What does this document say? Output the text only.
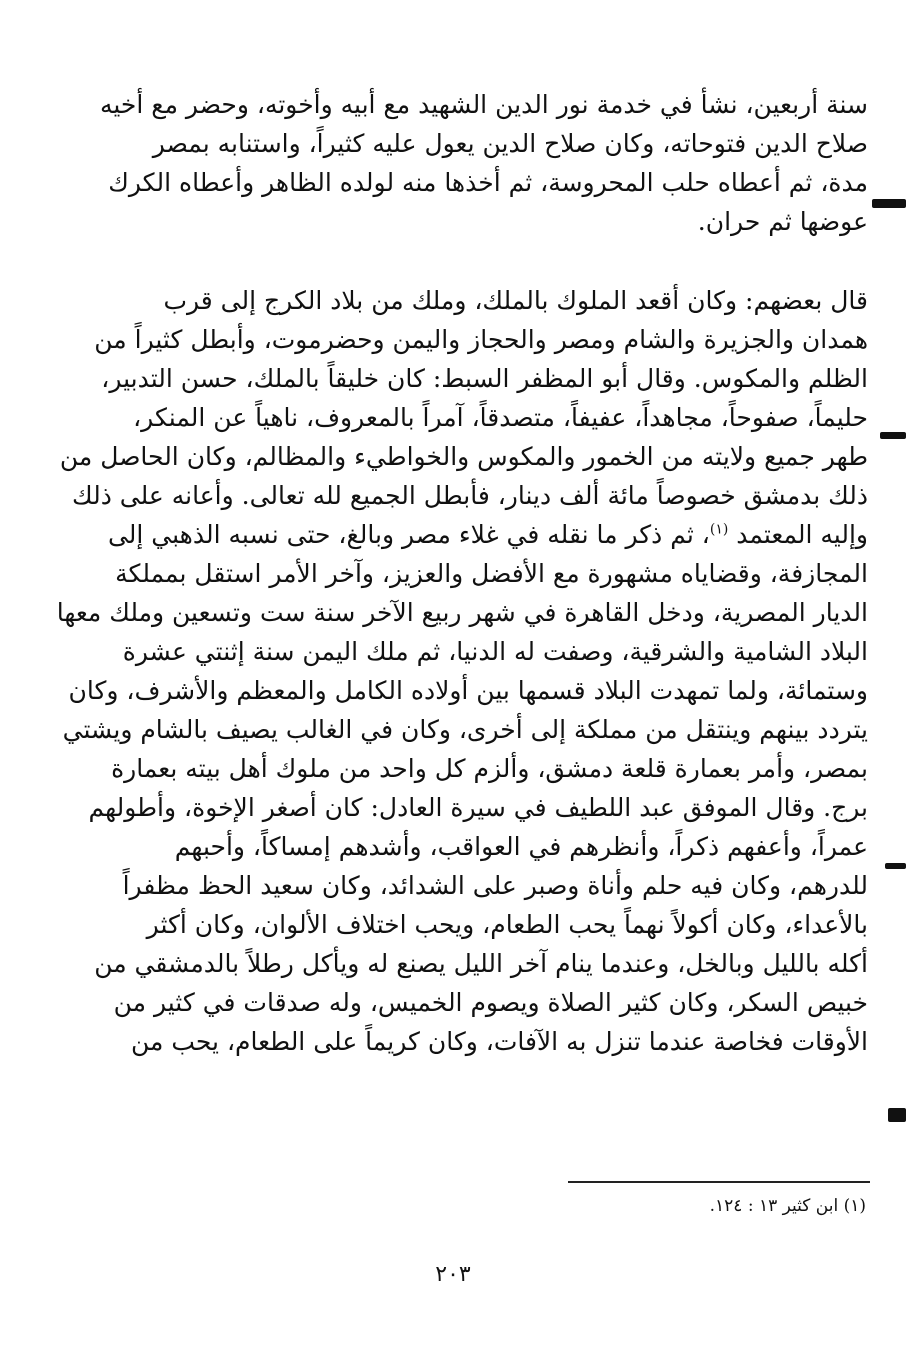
سنة أربعين، نشأ في خدمة نور الدين الشهيد مع أبيه وأخوته، وحضر مع أخيه
صلاح الدين فتوحاته، وكان صلاح الدين يعول عليه كثيراً، واستنابه بمصر
مدة، ثم أعطاه حلب المحروسة، ثم أخذها منه لولده الظاهر وأعطاه الكرك
عوضها ثم حران.

قال بعضهم: وكان أقعد الملوك بالملك، وملك من بلاد الكرج إلى قرب
همدان والجزيرة والشام ومصر والحجاز واليمن وحضرموت، وأبطل كثيراً من
الظلم والمكوس. وقال أبو المظفر السبط: كان خليقاً بالملك، حسن التدبير،
حليماً، صفوحاً، مجاهداً، عفيفاً، متصدقاً، آمراً بالمعروف، ناهياً عن المنكر،
طهر جميع ولايته من الخمور والمكوس والخواطيء والمظالم، وكان الحاصل من
ذلك بدمشق خصوصاً مائة ألف دينار، فأبطل الجميع لله تعالى. وأعانه على ذلك
وإليه المعتمد $^{(١)}$، ثم ذكر ما نقله في غلاء مصر وبالغ، حتى نسبه الذهبي إلى
المجازفة، وقضاياه مشهورة مع الأفضل والعزيز، وآخر الأمر استقل بمملكة
الديار المصرية، ودخل القاهرة في شهر ربيع الآخر سنة ست وتسعين وملك معها
البلاد الشامية والشرقية، وصفت له الدنيا، ثم ملك اليمن سنة إثنتي عشرة
وستمائة، ولما تمهدت البلاد قسمها بين أولاده الكامل والمعظم والأشرف، وكان
يتردد بينهم وينتقل من مملكة إلى أخرى، وكان في الغالب يصيف بالشام ويشتي
بمصر، وأمر بعمارة قلعة دمشق، وألزم كل واحد من ملوك أهل بيته بعمارة
برج. وقال الموفق عبد اللطيف في سيرة العادل: كان أصغر الإخوة، وأطولهم
عمراً، وأعفهم ذكراً، وأنظرهم في العواقب، وأشدهم إمساكاً، وأحبهم
للدرهم، وكان فيه حلم وأناة وصبر على الشدائد، وكان سعيد الحظ مظفراً
بالأعداء، وكان أكولاً نهماً يحب الطعام، ويحب اختلاف الألوان، وكان أكثر
أكله بالليل وبالخل، وعندما ينام آخر الليل يصنع له ويأكل رطلاً بالدمشقي من
خبيص السكر، وكان كثير الصلاة ويصوم الخميس، وله صدقات في كثير من
الأوقات فخاصة عندما تنزل به الآفات، وكان كريماً على الطعام، يحب من

(١) ابن كثير ١٣ : ١٢٤.
٢٠٣
